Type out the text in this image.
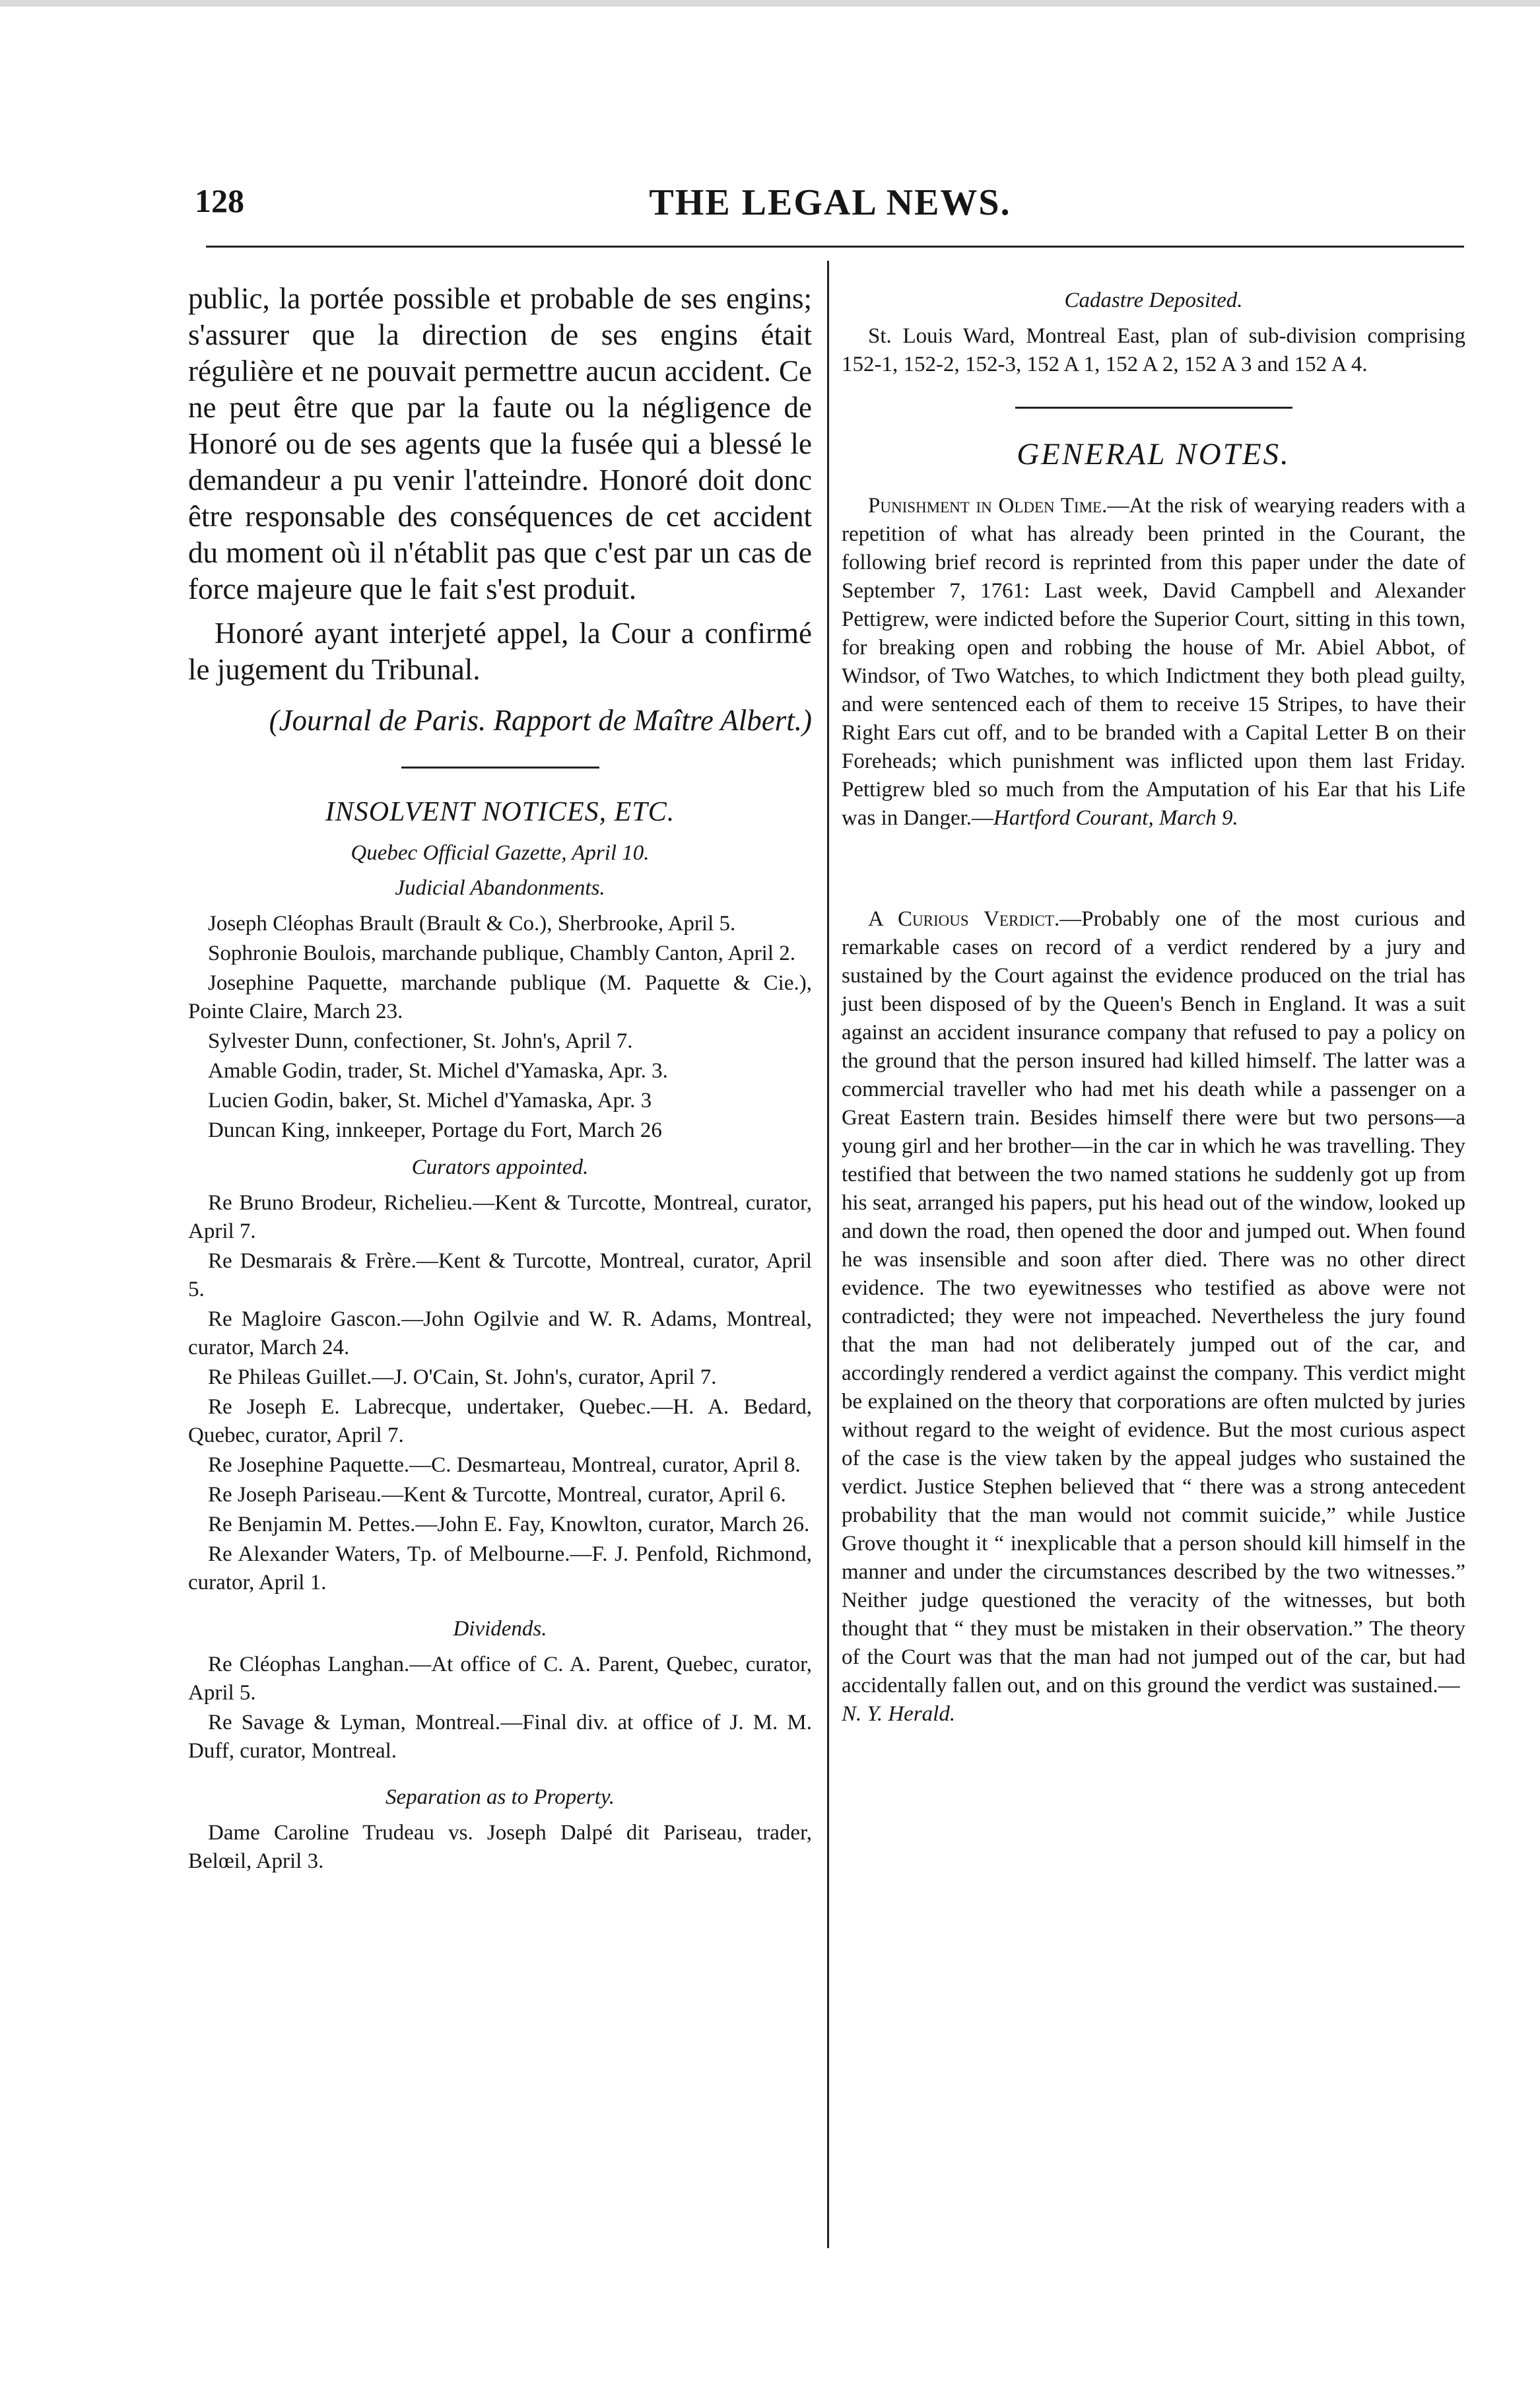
128	THE LEGAL NEWS.

public, la portée possible et probable de ses engins; s'assurer que la direction de ses engins était régulière et ne pouvait permettre aucun accident. Ce ne peut être que par la faute ou la négligence de Honoré ou de ses agents que la fusée qui a blessé le demandeur a pu venir l'atteindre. Honoré doit donc être responsable des conséquences de cet accident du moment où il n'établit pas que c'est par un cas de force majeure que le fait s'est produit.

Honoré ayant interjeté appel, la Cour a confirmé le jugement du Tribunal.

(Journal de Paris. Rapport de Maître Albert.)

INSOLVENT NOTICES, ETC.
Quebec Official Gazette, April 10.
Judicial Abandonments.

Joseph Cléophas Brault (Brault & Co.), Sherbrooke, April 5.

Sophronie Boulois, marchande publique, Chambly Canton, April 2.

Josephine Paquette, marchande publique (M. Paquette & Cie.), Pointe Claire, March 23.

Sylvester Dunn, confectioner, St. John's, April 7.

Amable Godin, trader, St. Michel d'Yamaska, Apr. 3.

Lucien Godin, baker, St. Michel d'Yamaska, Apr. 3

Duncan King, innkeeper, Portage du Fort, March 26

Curators appointed.

Re Bruno Brodeur, Richelieu.—Kent & Turcotte, Montreal, curator, April 7.

Re Desmarais & Frère.—Kent & Turcotte, Montreal, curator, April 5.

Re Magloire Gascon.—John Ogilvie and W. R. Adams, Montreal, curator, March 24.

Re Phileas Guillet.—J. O'Cain, St. John's, curator, April 7.

Re Joseph E. Labrecque, undertaker, Quebec.—H. A. Bedard, Quebec, curator, April 7.

Re Josephine Paquette.—C. Desmarteau, Montreal, curator, April 8.

Re Joseph Pariseau.—Kent & Turcotte, Montreal, curator, April 6.

Re Benjamin M. Pettes.—John E. Fay, Knowlton, curator, March 26.

Re Alexander Waters, Tp. of Melbourne.—F. J. Penfold, Richmond, curator, April 1.

Dividends.

Re Cléophas Langhan.—At office of C. A. Parent, Quebec, curator, April 5.

Re Savage & Lyman, Montreal.—Final div. at office of J. M. M. Duff, curator, Montreal.

Separation as to Property.

Dame Caroline Trudeau vs. Joseph Dalpé dit Pariseau, trader, Belœil, April 3.

Cadastre Deposited.

St. Louis Ward, Montreal East, plan of sub-division comprising 152-1, 152-2, 152-3, 152 A 1, 152 A 2, 152 A 3 and 152 A 4.

GENERAL NOTES.

Punishment in Olden Time.—At the risk of wearying readers with a repetition of what has already been printed in the Courant, the following brief record is reprinted from this paper under the date of September 7, 1761: Last week, David Campbell and Alexander Pettigrew, were indicted before the Superior Court, sitting in this town, for breaking open and robbing the house of Mr. Abiel Abbot, of Windsor, of Two Watches, to which Indictment they both plead guilty, and were sentenced each of them to receive 15 Stripes, to have their Right Ears cut off, and to be branded with a Capital Letter B on their Foreheads; which punishment was inflicted upon them last Friday. Pettigrew bled so much from the Amputation of his Ear that his Life was in Danger.—Hartford Courant, March 9.

A Curious Verdict.—Probably one of the most curious and remarkable cases on record of a verdict rendered by a jury and sustained by the Court against the evidence produced on the trial has just been disposed of by the Queen's Bench in England. It was a suit against an accident insurance company that refused to pay a policy on the ground that the person insured had killed himself. The latter was a commercial traveller who had met his death while a passenger on a Great Eastern train. Besides himself there were but two persons—a young girl and her brother—in the car in which he was travelling. They testified that between the two named stations he suddenly got up from his seat, arranged his papers, put his head out of the window, looked up and down the road, then opened the door and jumped out. When found he was insensible and soon after died. There was no other direct evidence. The two eyewitnesses who testified as above were not contradicted; they were not impeached. Nevertheless the jury found that the man had not deliberately jumped out of the car, and accordingly rendered a verdict against the company. This verdict might be explained on the theory that corporations are often mulcted by juries without regard to the weight of evidence. But the most curious aspect of the case is the view taken by the appeal judges who sustained the verdict. Justice Stephen believed that “ there was a strong antecedent probability that the man would not commit suicide,” while Justice Grove thought it “ inexplicable that a person should kill himself in the manner and under the circumstances described by the two witnesses.” Neither judge questioned the veracity of the witnesses, but both thought that “ they must be mistaken in their observation.” The theory of the Court was that the man had not jumped out of the car, but had accidentally fallen out, and on this ground the verdict was sustained.—
N. Y. Herald.
